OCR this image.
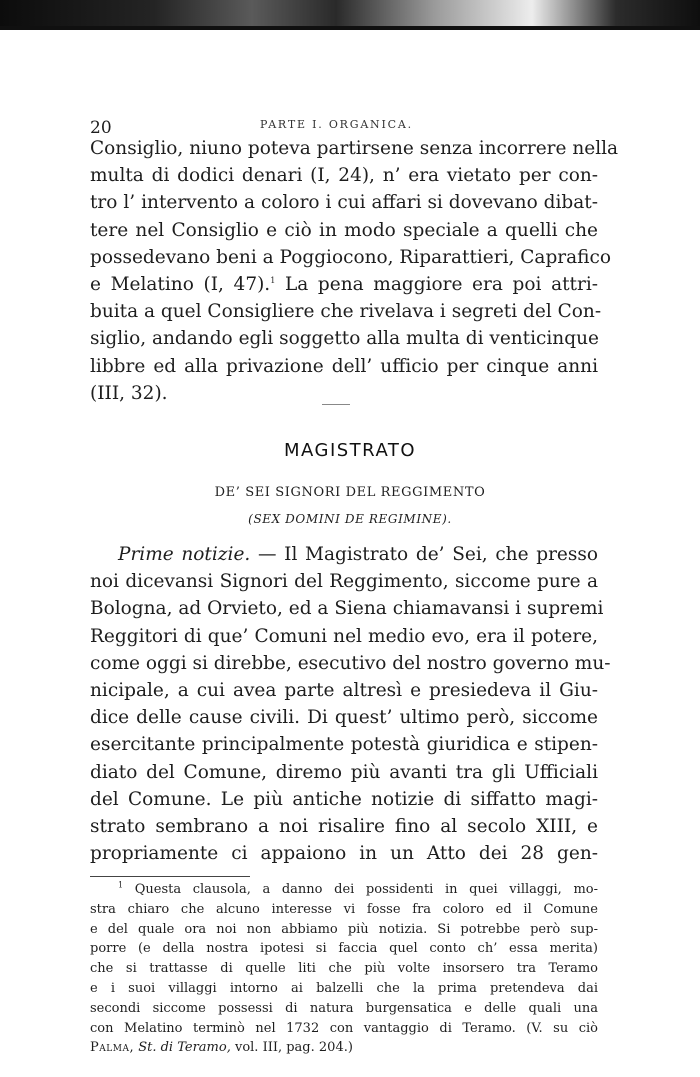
20	PARTE I. ORGANICA.
Consiglio, niuno poteva partirsene senza incorrere nella
multa di dodici denari (I, 24), n’ era vietato per con-
tro l’ intervento a coloro i cui affari si dovevano dibat-
tere nel Consiglio e ciò in modo speciale a quelli che
possedevano beni a Poggiocono, Riparattieri, Caprafico
e Melatino (I, 47).$^1$ La pena maggiore era poi attri-
buita a quel Consigliere che rivelava i segreti del Con-
siglio, andando egli soggetto alla multa di venticinque
libbre ed alla privazione dell’ ufficio per cinque anni
(III, 32).
MAGISTRATO
DE’ SEI SIGNORI DEL REGGIMENTO
(SEX DOMINI DE REGIMINE).
Prime notizie. — Il Magistrato de’ Sei, che presso
noi dicevansi Signori del Reggimento, siccome pure a
Bologna, ad Orvieto, ed a Siena chiamavansi i supremi
Reggitori di que’ Comuni nel medio evo, era il potere,
come oggi si direbbe, esecutivo del nostro governo mu-
nicipale, a cui avea parte altresì e presiedeva il Giu-
dice delle cause civili. Di quest’ ultimo però, siccome
esercitante principalmente potestà giuridica e stipen-
diato del Comune, diremo più avanti tra gli Ufficiali
del Comune. Le più antiche notizie di siffatto magi-
strato sembrano a noi risalire fino al secolo XIII, e
propriamente ci appaiono in un Atto dei 28 gen-
$^1$ Questa clausola, a danno dei possidenti in quei villaggi, mo-
stra chiaro che alcuno interesse vi fosse fra coloro ed il Comune
e del quale ora noi non abbiamo più notizia. Si potrebbe però sup-
porre (e della nostra ipotesi si faccia quel conto ch’ essa merita)
che si trattasse di quelle liti che più volte insorsero tra Teramo
e i suoi villaggi intorno ai balzelli che la prima pretendeva dai
secondi siccome possessi di natura burgensatica e delle quali una
con Melatino terminò nel 1732 con vantaggio di Teramo. (V. su ciò
Palma, St. di Teramo, vol. III, pag. 204.)
